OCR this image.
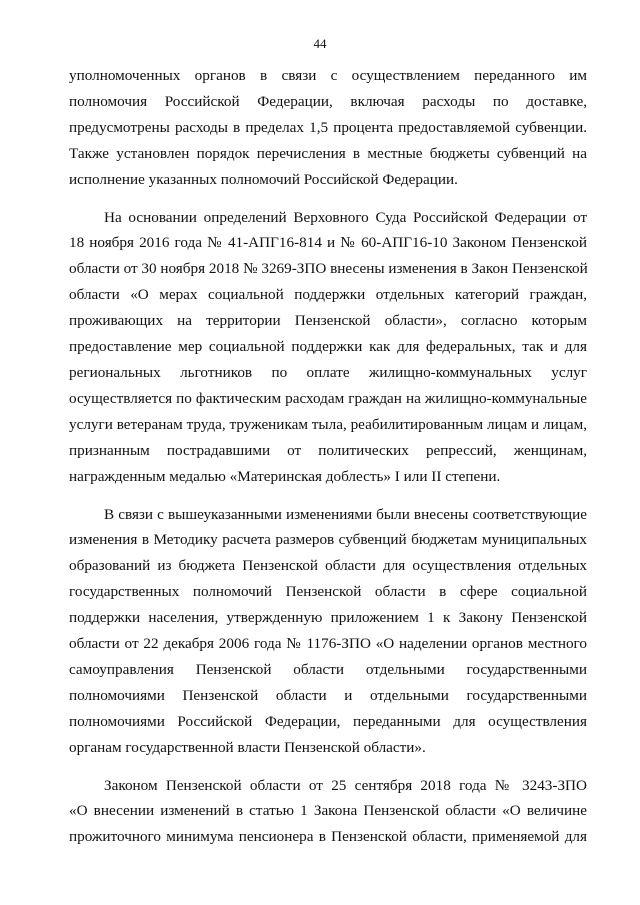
44

уполномоченных органов в связи с осуществлением переданного им
полномочия Российской Федерации, включая расходы по доставке,
предусмотрены расходы в пределах 1,5 процента предоставляемой субвенции.
Также установлен порядок перечисления в местные бюджеты субвенций на
исполнение указанных полномочий Российской Федерации.

На основании определений Верховного Суда Российской Федерации от
18 ноября 2016 года № 41-АПГ16-814 и № 60-АПГ16-10 Законом Пензенской
области от 30 ноября 2018 № 3269-ЗПО внесены изменения в Закон Пензенской
области «О мерах социальной поддержки отдельных категорий граждан,
проживающих на территории Пензенской области», согласно которым
предоставление мер социальной поддержки как для федеральных, так и для
региональных льготников по оплате жилищно-коммунальных услуг
осуществляется по фактическим расходам граждан на жилищно-коммунальные
услуги ветеранам труда, труженикам тыла, реабилитированным лицам и лицам,
признанным пострадавшими от политических репрессий, женщинам,
награжденным медалью «Материнская доблесть» I или II степени.

В связи с вышеуказанными изменениями были внесены соответствующие
изменения в Методику расчета размеров субвенций бюджетам муниципальных
образований из бюджета Пензенской области для осуществления отдельных
государственных полномочий Пензенской области в сфере социальной
поддержки населения, утвержденную приложением 1 к Закону Пензенской
области от 22 декабря 2006 года № 1176-ЗПО «О наделении органов местного
самоуправления Пензенской области отдельными государственными
полномочиями Пензенской области и отдельными государственными
полномочиями Российской Федерации, переданными для осуществления
органам государственной власти Пензенской области».

Законом Пензенской области от 25 сентября 2018 года № 3243-ЗПО
«О внесении изменений в статью 1 Закона Пензенской области «О величине
прожиточного минимума пенсионера в Пензенской области, применяемой для
